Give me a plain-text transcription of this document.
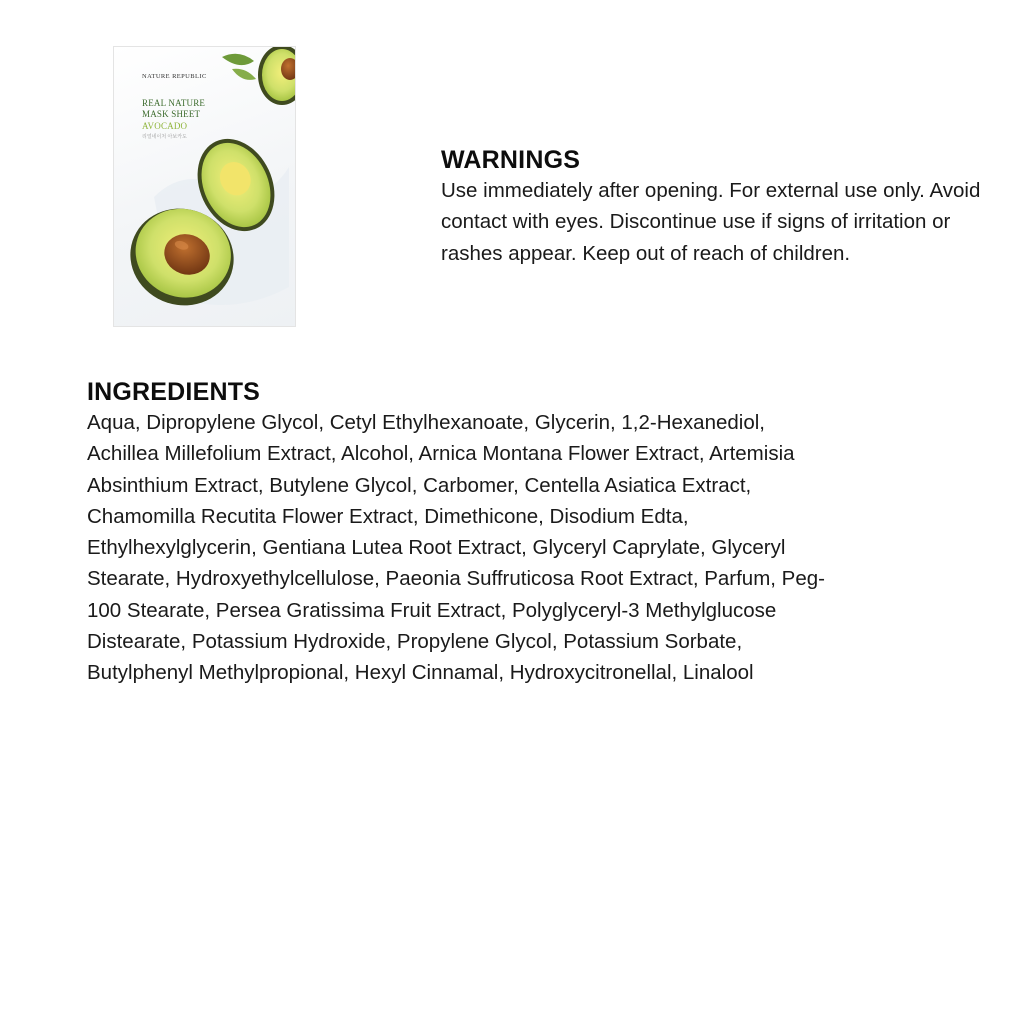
NATURE REPUBLIC
REAL NATURE
MASK SHEET
AVOCADO
리얼네이처 아보카도
WARNINGS

Use immediately after opening. For external use only. Avoid contact with eyes. Discontinue use if signs of irritation or rashes appear. Keep out of reach of children.

INGREDIENTS

Aqua, Dipropylene Glycol, Cetyl Ethylhexanoate, Glycerin, 1,2-Hexanediol,
Achillea Millefolium Extract, Alcohol, Arnica Montana Flower Extract, Artemisia
Absinthium Extract, Butylene Glycol, Carbomer, Centella Asiatica Extract,
Chamomilla Recutita Flower Extract, Dimethicone, Disodium Edta,
Ethylhexylglycerin, Gentiana Lutea Root Extract, Glyceryl Caprylate, Glyceryl
Stearate, Hydroxyethylcellulose, Paeonia Suffruticosa Root Extract, Parfum, Peg-
100 Stearate, Persea Gratissima Fruit Extract, Polyglyceryl-3 Methylglucose
Distearate, Potassium Hydroxide, Propylene Glycol, Potassium Sorbate,
Butylphenyl Methylpropional, Hexyl Cinnamal, Hydroxycitronellal, Linalool
